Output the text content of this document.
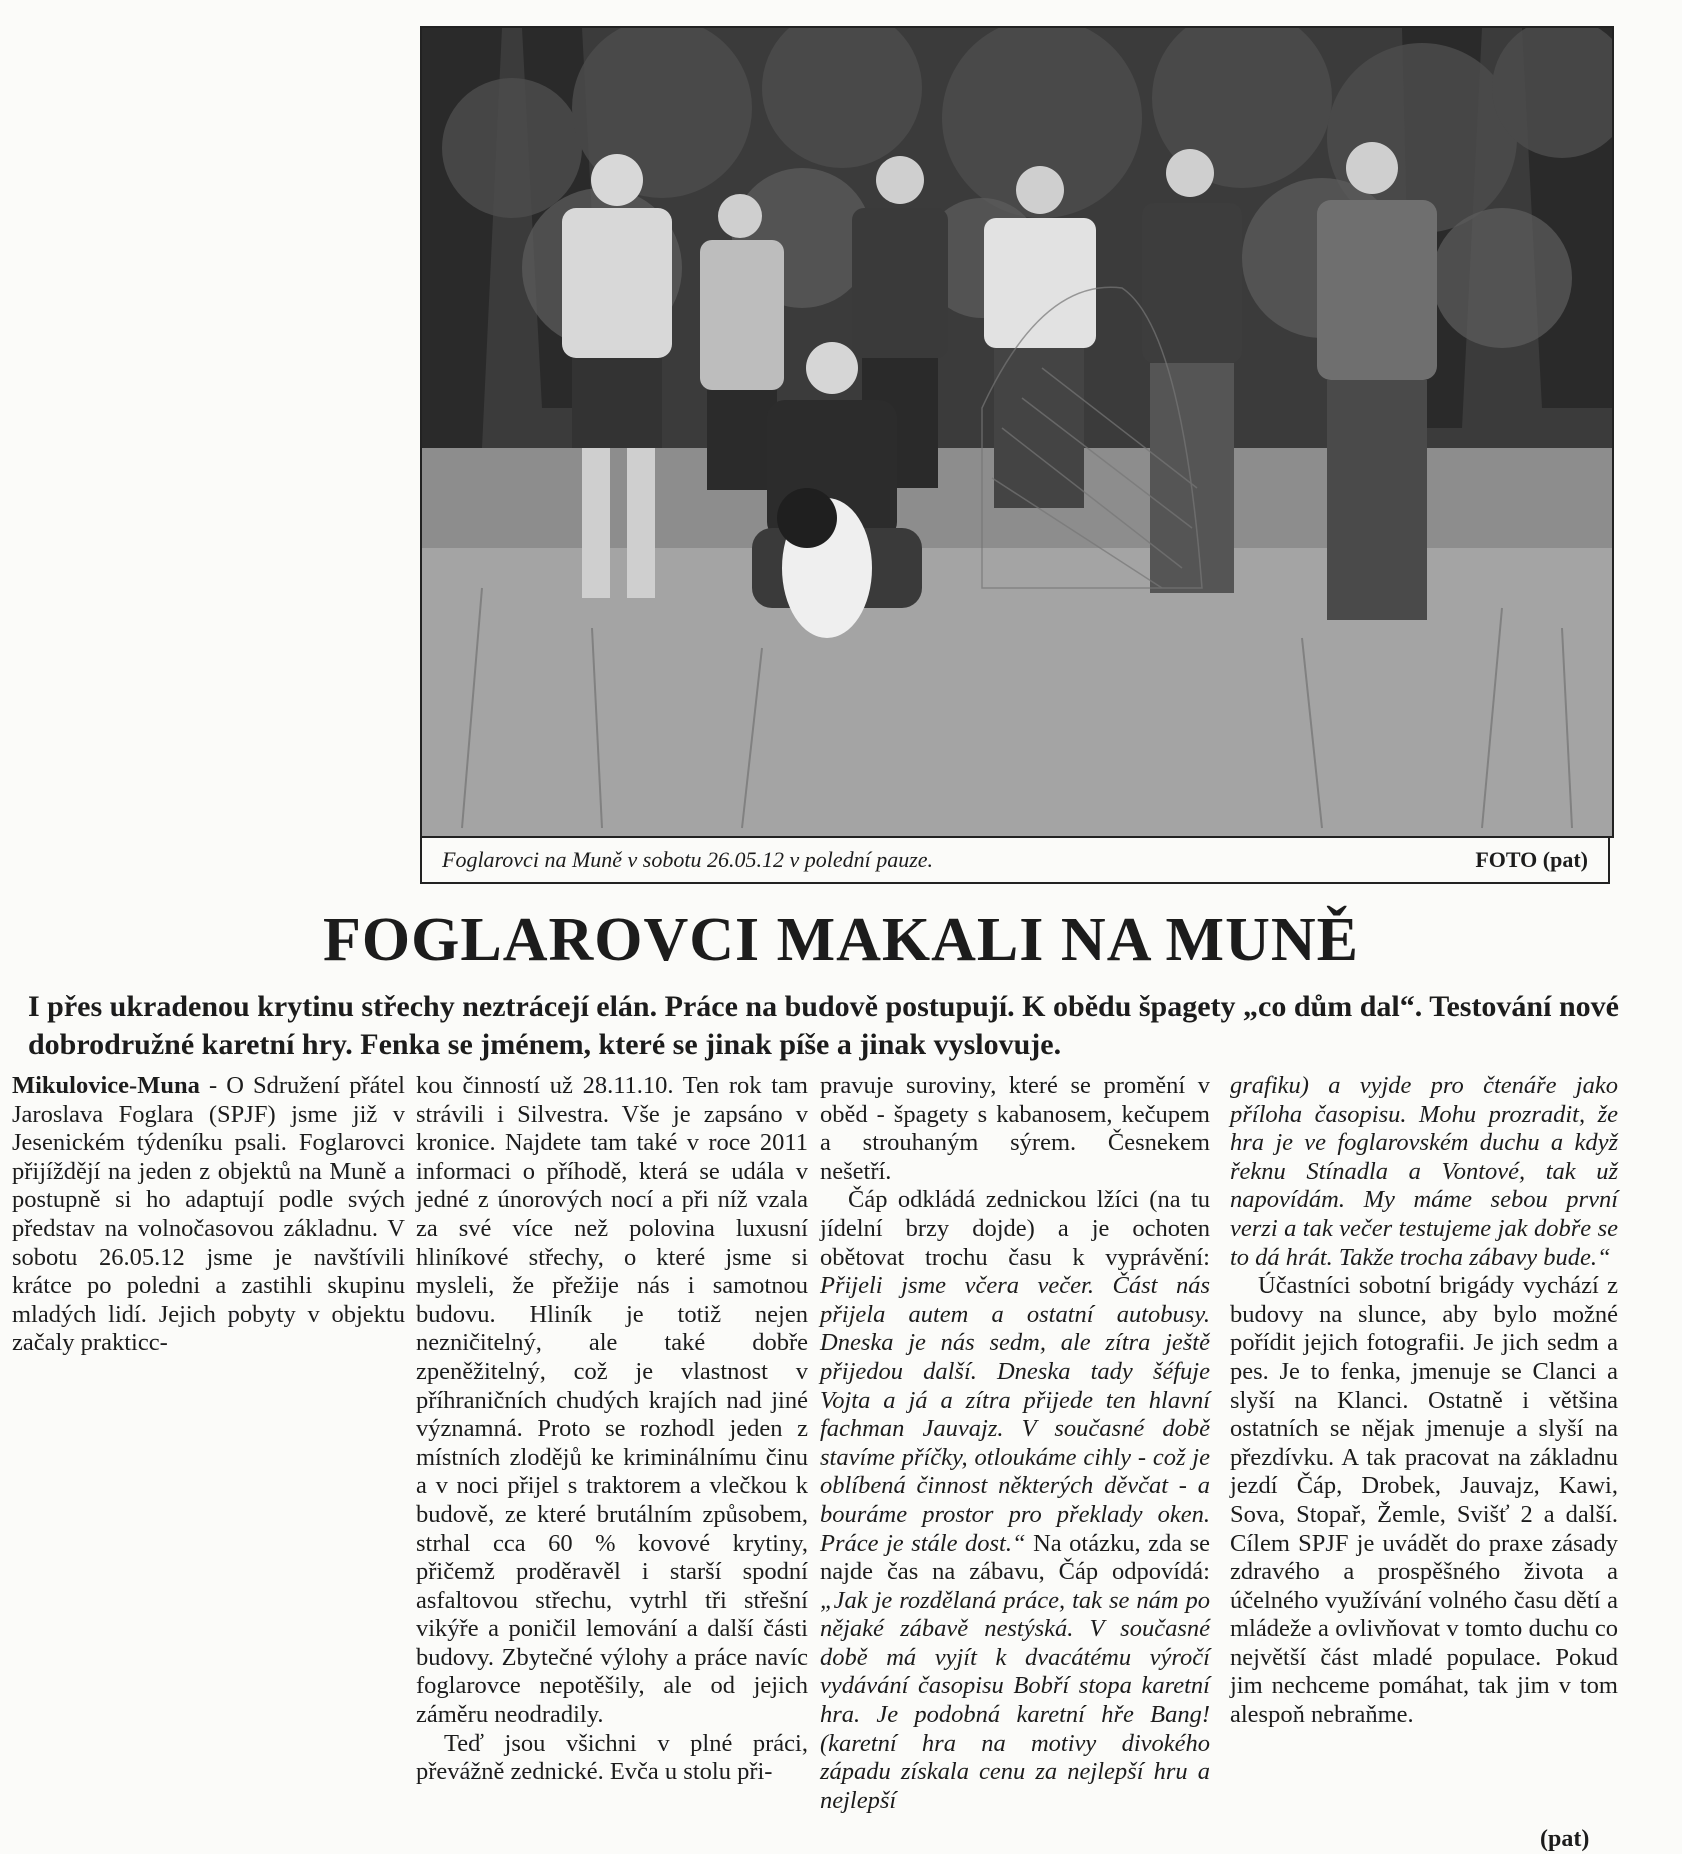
Foglarovci na Muně v sobotu 26.05.12 v polední pauze.	FOTO (pat)
FOGLAROVCI MAKALI NA MUNĚ
I přes ukradenou krytinu střechy neztrácejí elán. Práce na budově postupují. K obědu špagety „co dům dal“. Testování nové dobrodružné karetní hry. Fenka se jménem, které se jinak píše a jinak vyslovuje.

Mikulovice-Muna - O Sdružení přátel Jaroslava Foglara (SPJF) jsme již v Jesenickém týdeníku psali. Foglarovci přijíždějí na jeden z objektů na Muně a postupně si ho adaptují podle svých představ na volnočasovou základnu. V sobotu 26.05.12 jsme je navštívili krátce po poledni a zastihli skupinu mladých lidí. Jejich pobyty v objektu začaly prakticc-

kou činností už 28.11.10. Ten rok tam strávili i Silvestra. Vše je zapsáno v kronice. Najdete tam také v roce 2011 informaci o příhodě, která se udála v jedné z únorových nocí a při níž vzala za své více než polovina luxusní hliníkové střechy, o které jsme si mysleli, že přežije nás i samotnou budovu. Hliník je totiž nejen nezničitelný, ale také dobře zpeněžitelný, což je vlastnost v příhraničních chudých krajích nad jiné významná. Proto se rozhodl jeden z místních zlodějů ke kriminálnímu činu a v noci přijel s traktorem a vlečkou k budově, ze které brutálním způsobem, strhal cca 60 % kovové krytiny, přičemž proděravěl i starší spodní asfaltovou střechu, vytrhl tři střešní vikýře a poničil lemování a další části budovy. Zbytečné výlohy a práce navíc foglarovce nepotěšily, ale od jejich záměru neodradily.

Teď jsou všichni v plné práci, převážně zednické. Evča u stolu při-

pravuje suroviny, které se promění v oběd - špagety s kabanosem, kečupem a strouhaným sýrem. Česnekem nešetří.

Čáp odkládá zednickou lžíci (na tu jídelní brzy dojde) a je ochoten obětovat trochu času k vyprávění: Přijeli jsme včera večer. Část nás přijela autem a ostatní autobusy. Dneska je nás sedm, ale zítra ještě přijedou další. Dneska tady šéfuje Vojta a já a zítra přijede ten hlavní fachman Jauvajz. V současné době stavíme příčky, otloukáme cihly - což je oblíbená činnost některých děvčat - a bouráme prostor pro překlady oken. Práce je stále dost.“ Na otázku, zda se najde čas na zábavu, Čáp odpovídá: „Jak je rozdělaná práce, tak se nám po nějaké zábavě nestýská. V současné době má vyjít k dvacátému výročí vydávání časopisu Bobří stopa karetní hra. Je podobná karetní hře Bang! (karetní hra na motivy divokého západu získala cenu za nejlepší hru a nejlepší

grafiku) a vyjde pro čtenáře jako příloha časopisu. Mohu prozradit, že hra je ve foglarovském duchu a když řeknu Stínadla a Vontové, tak už napovídám. My máme sebou první verzi a tak večer testujeme jak dobře se to dá hrát. Takže trocha zábavy bude.“

Účastníci sobotní brigády vychází z budovy na slunce, aby bylo možné pořídit jejich fotografii. Je jich sedm a pes. Je to fenka, jmenuje se Clanci a slyší na Klanci. Ostatně i většina ostatních se nějak jmenuje a slyší na přezdívku. A tak pracovat na základnu jezdí Čáp, Drobek, Jauvajz, Kawi, Sova, Stopař, Žemle, Svišť 2 a další. Cílem SPJF je uvádět do praxe zásady zdravého a prospěšného života a účelného využívání volného času dětí a mládeže a ovlivňovat v tomto duchu co největší část mladé populace. Pokud jim nechceme pomáhat, tak jim v tom alespoň nebraňme.

(pat)
